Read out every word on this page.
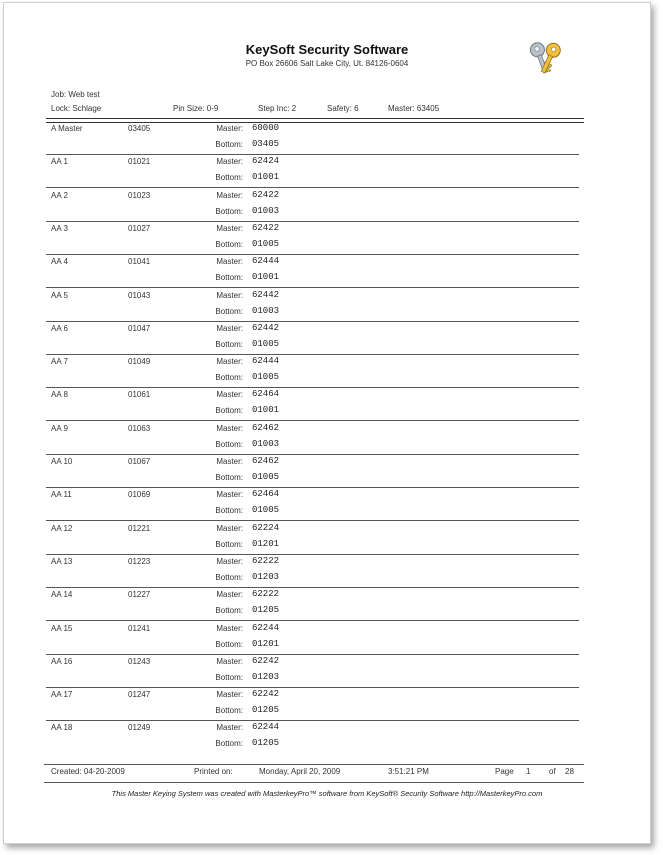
KeySoft Security Software
PO Box 26606 Salt Lake City, Ut. 84126-0604
Job: Web test
Lock: Schlage	Pin Size: 0-9	Step Inc: 2	Safety: 6	Master: 63405
A Master	03405	Master: 60000
Bottom: 03405
AA 1	01021	Master: 62424
Bottom: 01001
AA 2	01023	Master: 62422
Bottom: 01003
AA 3	01027	Master: 62422
Bottom: 01005
AA 4	01041	Master: 62444
Bottom: 01001
AA 5	01043	Master: 62442
Bottom: 01003
AA 6	01047	Master: 62442
Bottom: 01005
AA 7	01049	Master: 62444
Bottom: 01005
AA 8	01061	Master: 62464
Bottom: 01001
AA 9	01063	Master: 62462
Bottom: 01003
AA 10	01067	Master: 62462
Bottom: 01005
AA 11	01069	Master: 62464
Bottom: 01005
AA 12	01221	Master: 62224
Bottom: 01201
AA 13	01223	Master: 62222
Bottom: 01203
AA 14	01227	Master: 62222
Bottom: 01205
AA 15	01241	Master: 62244
Bottom: 01201
AA 16	01243	Master: 62242
Bottom: 01203
AA 17	01247	Master: 62242
Bottom: 01205
AA 18	01249	Master: 62244
Bottom: 01205
Created: 04-20-2009	Printed on:	Monday, April 20, 2009	3:51:21 PM	Page 1 of 28
This Master Keying System was created with MasterkeyPro™ software from KeySoft® Security Software http://MasterkeyPro.com
